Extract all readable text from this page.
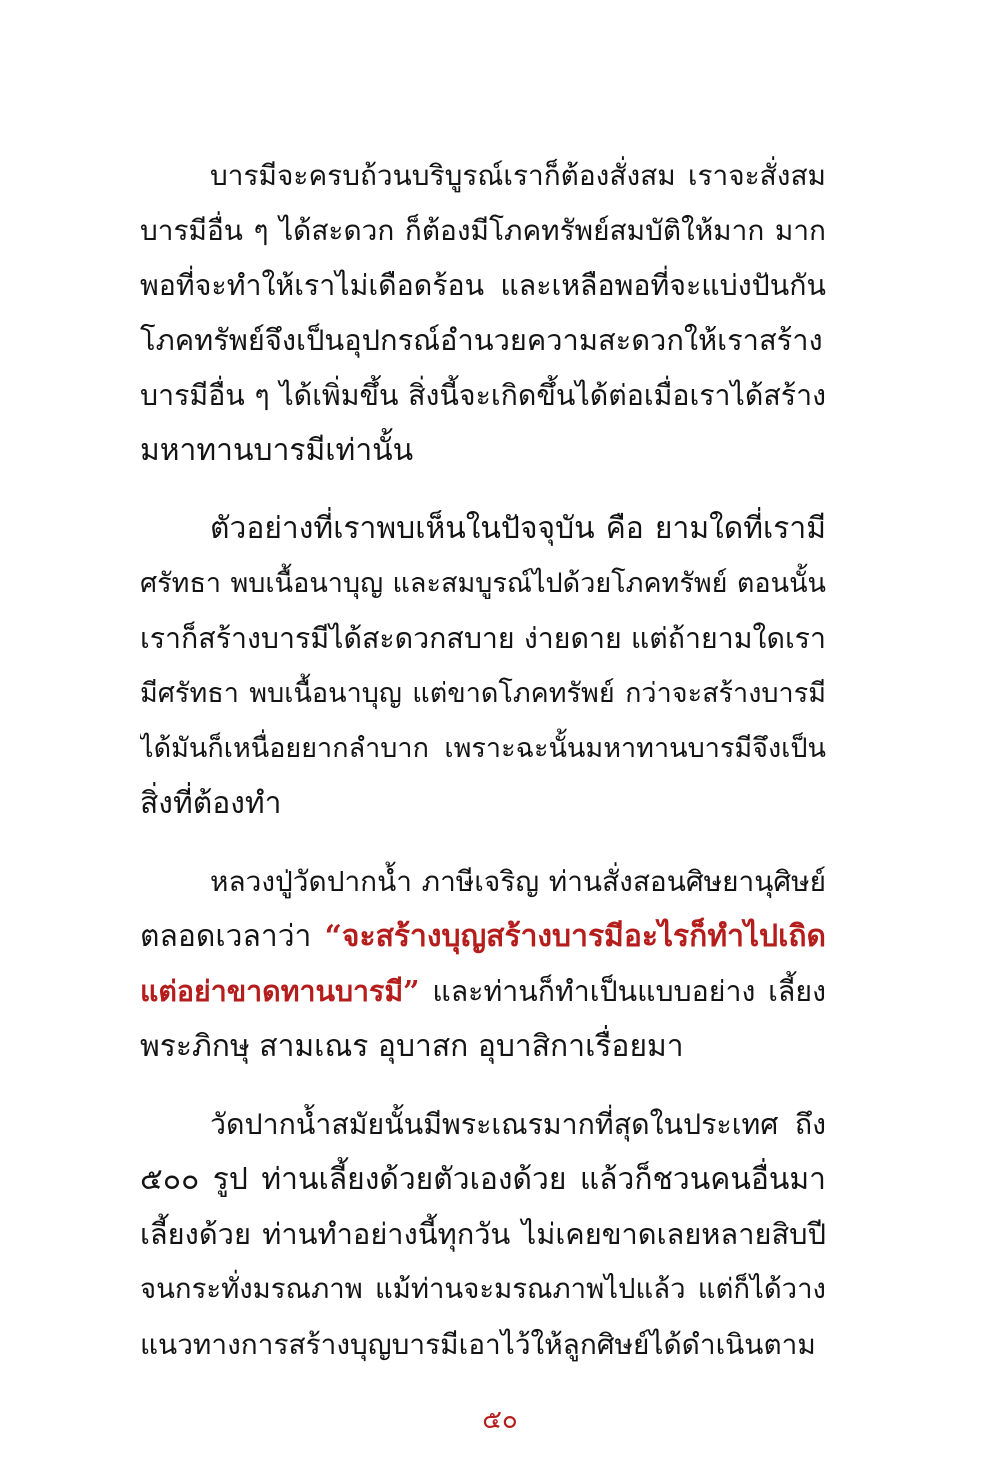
บารมีจะครบถ้วนบริบูรณ์เราก็ต้องสั่งสม เราจะสั่งสม
บารมีอื่น ๆ ได้สะดวก ก็ต้องมีโภคทรัพย์สมบัติให้มาก มาก
พอที่จะทำให้เราไม่เดือดร้อน และเหลือพอที่จะแบ่งปันกัน
โภคทรัพย์จึงเป็นอุปกรณ์อำนวยความสะดวกให้เราสร้าง
บารมีอื่น ๆ ได้เพิ่มขึ้น สิ่งนี้จะเกิดขึ้นได้ต่อเมื่อเราได้สร้าง
มหาทานบารมีเท่านั้น
ตัวอย่างที่เราพบเห็นในปัจจุบัน คือ ยามใดที่เรามี
ศรัทธา พบเนื้อนาบุญ และสมบูรณ์ไปด้วยโภคทรัพย์ ตอนนั้น
เราก็สร้างบารมีได้สะดวกสบาย ง่ายดาย แต่ถ้ายามใดเรา
มีศรัทธา พบเนื้อนาบุญ แต่ขาดโภคทรัพย์ กว่าจะสร้างบารมี
ได้มันก็เหนื่อยยากลำบาก เพราะฉะนั้นมหาทานบารมีจึงเป็น
สิ่งที่ต้องทำ
หลวงปู่วัดปากน้ำ ภาษีเจริญ ท่านสั่งสอนศิษยานุศิษย์
ตลอดเวลาว่า “จะสร้างบุญสร้างบารมีอะไรก็ทำไปเถิด
แต่อย่าขาดทานบารมี” และท่านก็ทำเป็นแบบอย่าง เลี้ยง
พระภิกษุ สามเณร อุบาสก อุบาสิกาเรื่อยมา
วัดปากน้ำสมัยนั้นมีพระเณรมากที่สุดในประเทศ ถึง
๕๐๐ รูป ท่านเลี้ยงด้วยตัวเองด้วย แล้วก็ชวนคนอื่นมา
เลี้ยงด้วย ท่านทำอย่างนี้ทุกวัน ไม่เคยขาดเลยหลายสิบปี
จนกระทั่งมรณภาพ แม้ท่านจะมรณภาพไปแล้ว แต่ก็ได้วาง
แนวทางการสร้างบุญบารมีเอาไว้ให้ลูกศิษย์ได้ดำเนินตาม
๕๐
